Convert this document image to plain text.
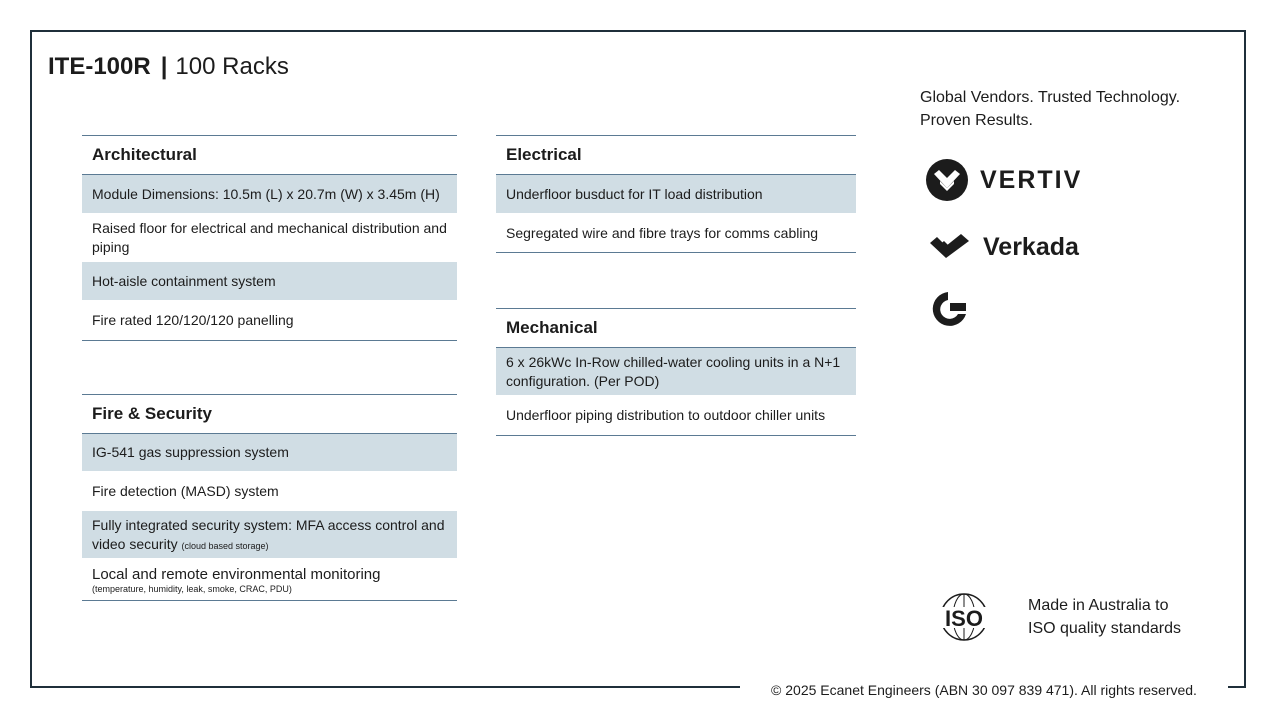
© 2025 Ecanet Engineers (ABN 30 097 839 471). All rights reserved.
ITE-100R | 100 Racks
Architectural
Module Dimensions: 10.5m (L) x 20.7m (W) x 3.45m (H)
Raised floor for electrical and mechanical distribution and piping
Hot-aisle containment system
Fire rated 120/120/120 panelling
Fire & Security
IG-541 gas suppression system
Fire detection (MASD) system
Fully integrated security system: MFA access control and video security (cloud based storage)
Local and remote environmental monitoring
(temperature, humidity, leak, smoke, CRAC, PDU)
Electrical
Underfloor busduct for IT load distribution
Segregated wire and fibre trays for comms cabling
Mechanical
6 x 26kWc In-Row chilled-water cooling units in a N+1 configuration. (Per POD)
Underfloor piping distribution to outdoor chiller units
Global Vendors. Trusted Technology.
Proven Results.
VERTIV
Verkada
ISO
Made in Australia to
ISO quality standards
